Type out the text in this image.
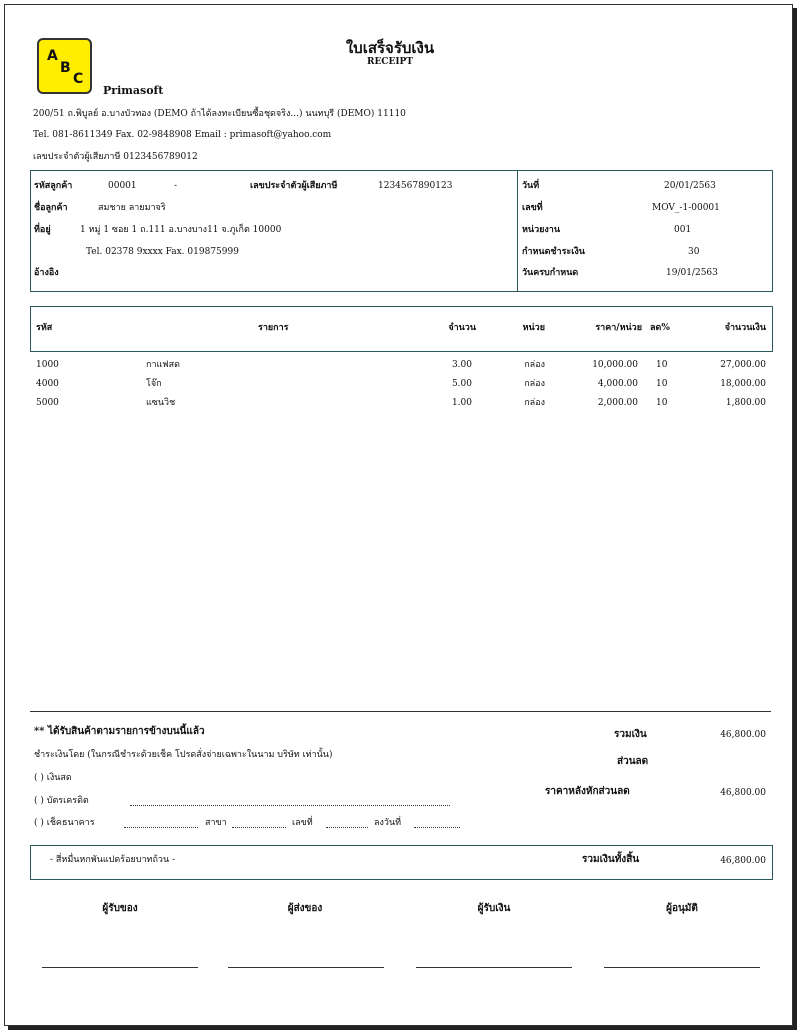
A
B
C
ใบเสร็จรับเงิน
RECEIPT
Primasoft
200/51 ถ.พิบูลย์ อ.บางบัวทอง (DEMO ถ้าได้ลงทะเบียนซื้อชุดจริง...) นนทบุรี (DEMO) 11110
Tel. 081-8611349 Fax. 02-9848908 Email : primasoft@yahoo.com
เลขประจำตัวผู้เสียภาษี 0123456789012
รหัสลูกค้า	00001	-	เลขประจำตัวผู้เสียภาษี	1234567890123
ชื่อลูกค้า	สมชาย ลายมาจริ
ที่อยู่	1 หมู่ 1 ซอย 1 ถ.111 อ.บางบาง11 จ.ภูเก็ต 10000
Tel. 02378 9xxxx Fax. 019875999
อ้างอิง
วันที่	20/01/2563
เลขที่	MOV_-1-00001
หน่วยงาน	001
กำหนดชำระเงิน	30
วันครบกำหนด	19/01/2563
รหัส	รายการ	จำนวน	หน่วย	ราคา/หน่วย ลด%	จำนวนเงิน
1000	กาแฟสด	3.00	กล่อง	10,000.00 10	27,000.00
4000	โจ๊ก	5.00	กล่อง	4,000.00 10	18,000.00
5000	แซนวิช	1.00	กล่อง	2,000.00 10	1,800.00
** ได้รับสินค้าตามรายการข้างบนนี้แล้ว
ชำระเงินโดย (ในกรณีชำระด้วยเช็ค โปรดสั่งจ่ายเฉพาะในนาม บริษัท เท่านั้น)
( ) เงินสด
( ) บัตรเครดิต
( ) เช็คธนาคาร	สาขา	เลขที่	ลงวันที่
รวมเงิน	46,800.00
ส่วนลด
ราคาหลังหักส่วนลด	46,800.00
- สี่หมื่นหกพันแปดร้อยบาทถ้วน -	รวมเงินทั้งสิ้น	46,800.00
ผู้รับของ	ผู้ส่งของ	ผู้รับเงิน	ผู้อนุมัติ
